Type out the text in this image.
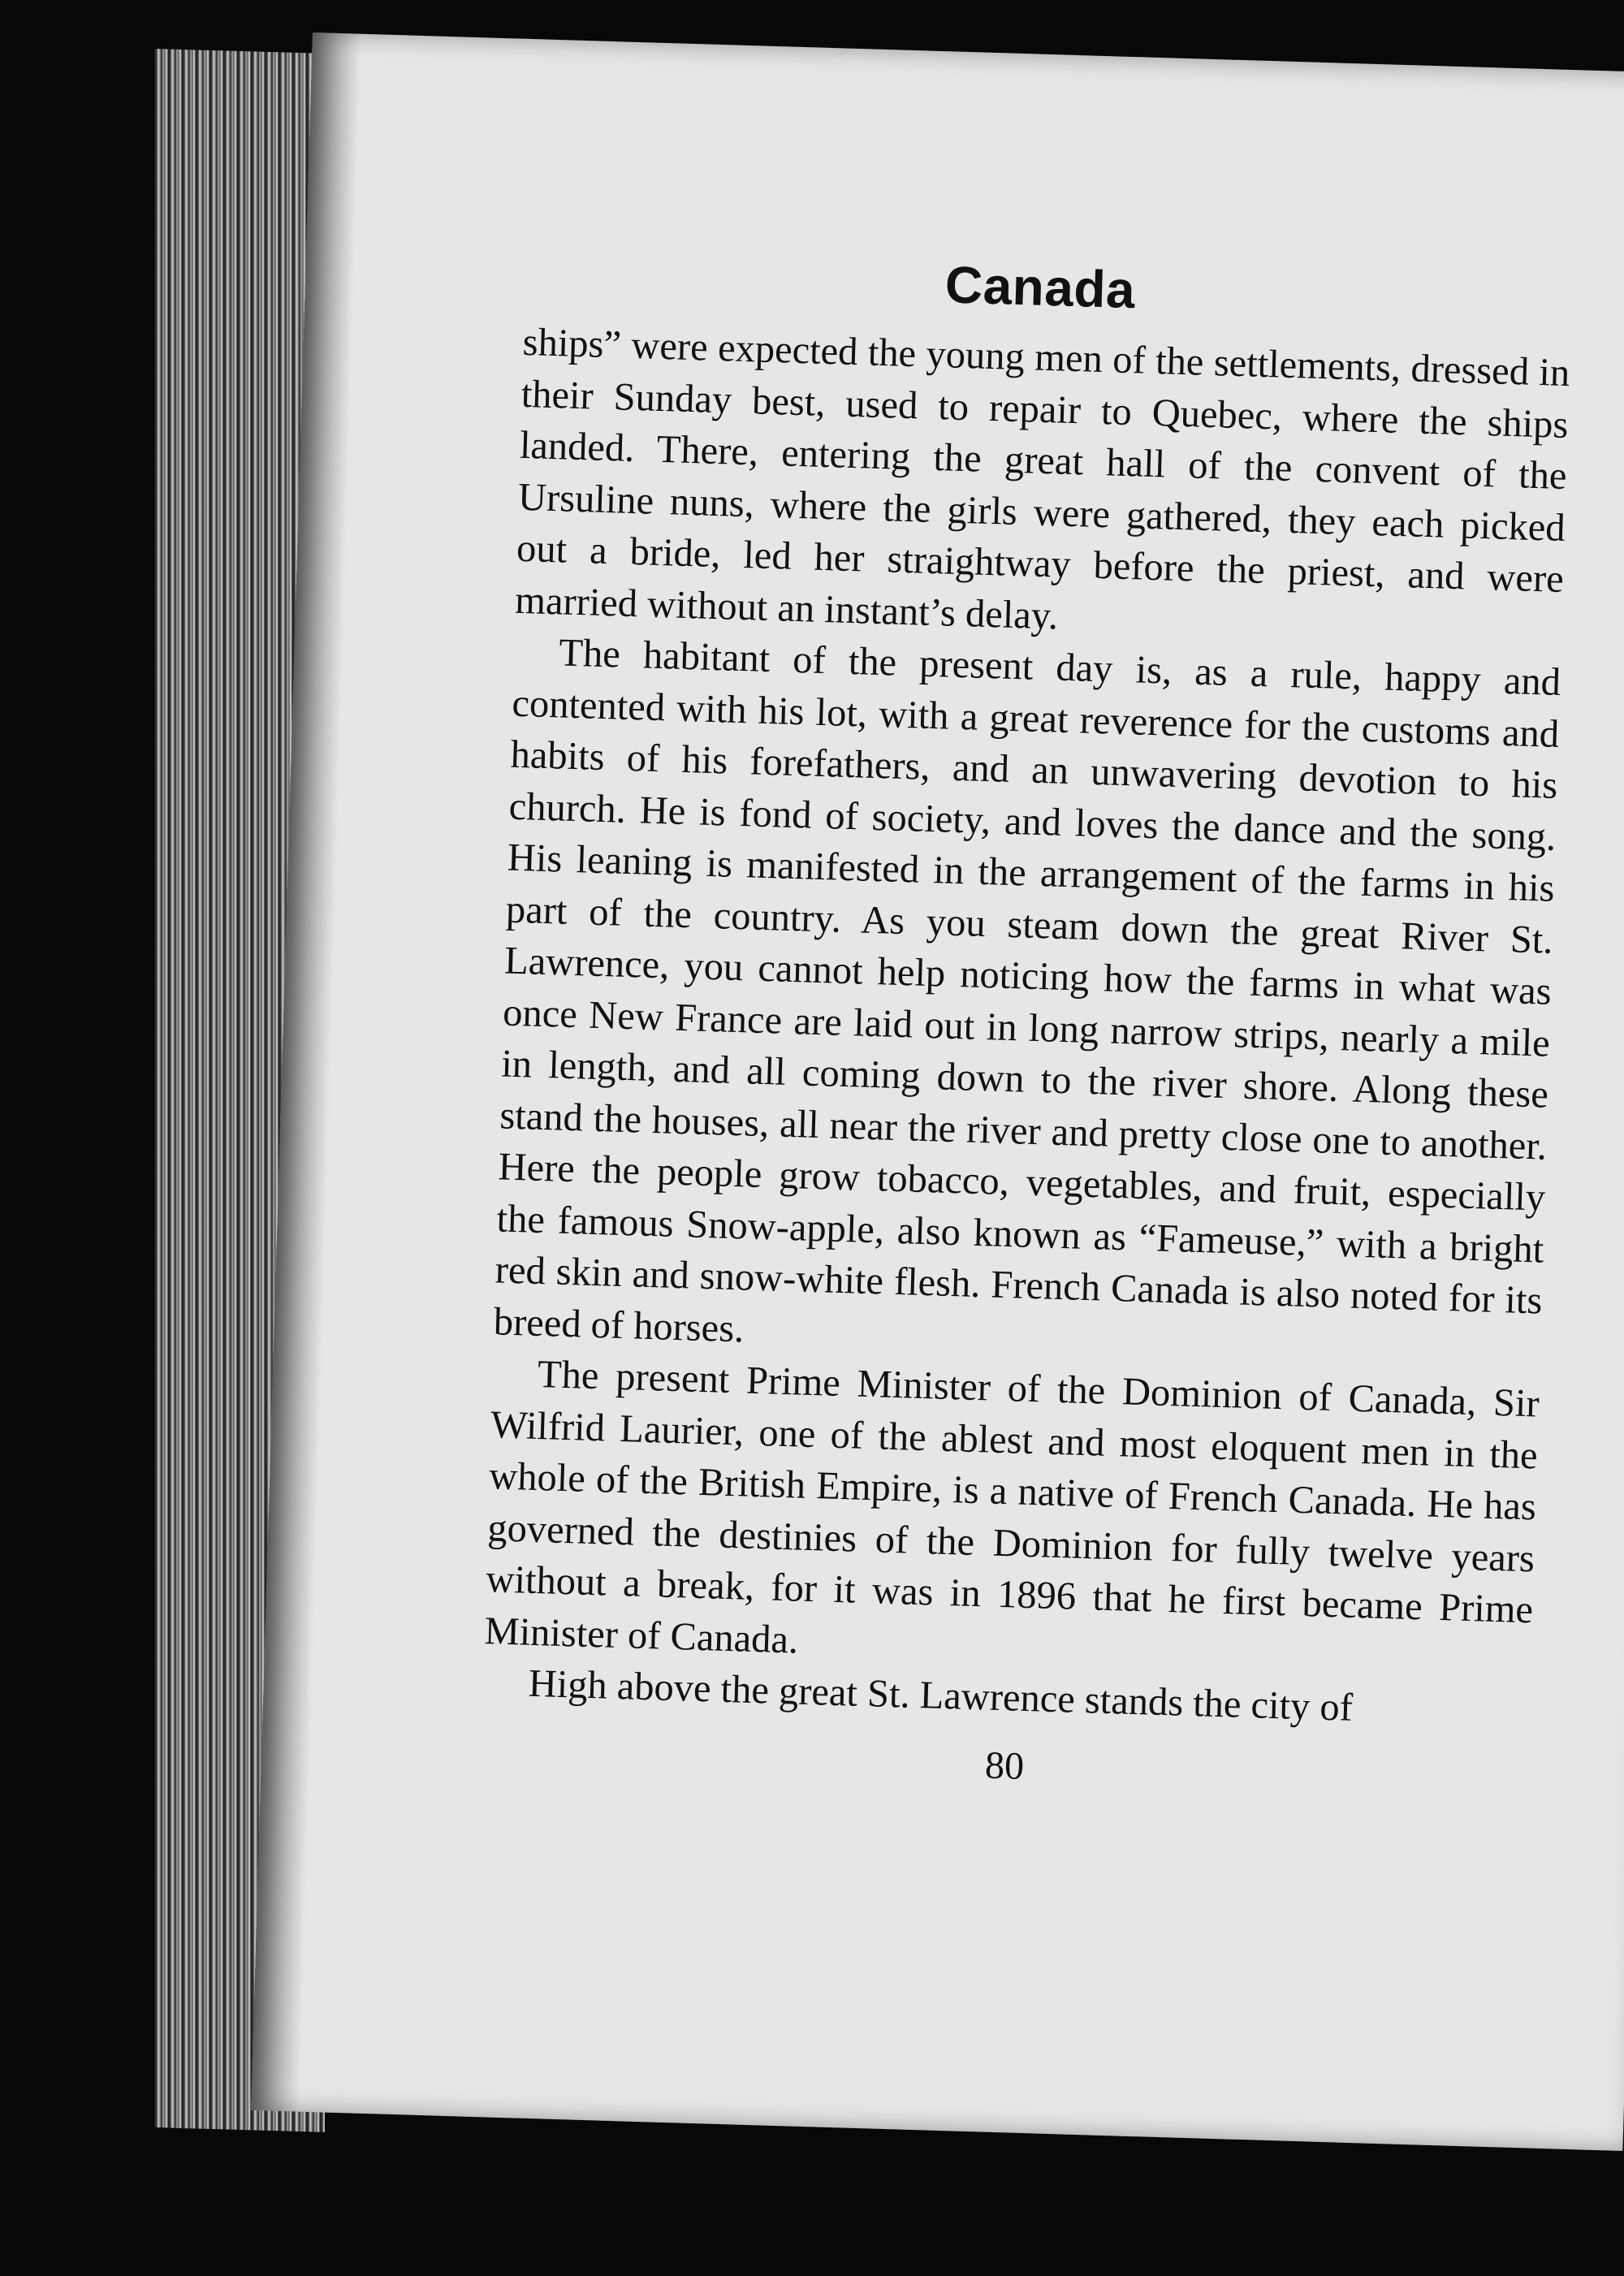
Canada

ships” were expected the young men of the settlements, dressed in their Sunday best, used to repair to Quebec, where the ships landed. There, entering the great hall of the convent of the Ursuline nuns, where the girls were gathered, they each picked out a bride, led her straightway before the priest, and were married without an instant’s delay.

The habitant of the present day is, as a rule, happy and contented with his lot, with a great reverence for the customs and habits of his forefathers, and an unwavering devotion to his church. He is fond of society, and loves the dance and the song. His leaning is manifested in the arrangement of the farms in his part of the country. As you steam down the great River St. Lawrence, you cannot help noticing how the farms in what was once New France are laid out in long narrow strips, nearly a mile in length, and all coming down to the river shore. Along these stand the houses, all near the river and pretty close one to another. Here the people grow tobacco, vegetables, and fruit, especially the famous Snow-apple, also known as “Fameuse,” with a bright red skin and snow-white flesh. French Canada is also noted for its breed of horses.

The present Prime Minister of the Dominion of Canada, Sir Wilfrid Laurier, one of the ablest and most eloquent men in the whole of the British Empire, is a native of French Canada. He has governed the destinies of the Dominion for fully twelve years without a break, for it was in 1896 that he first became Prime Minister of Canada.

High above the great St. Lawrence stands the city of

80
